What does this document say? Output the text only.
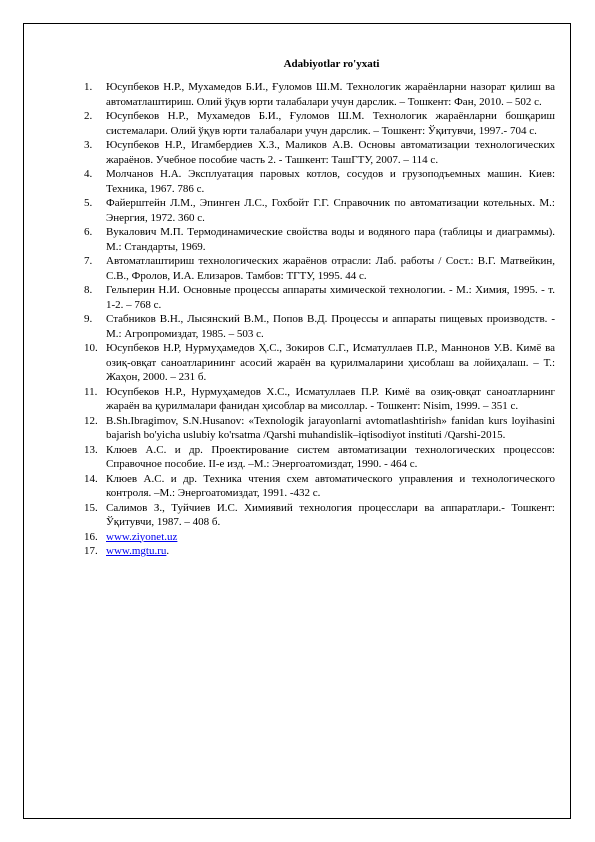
Adabiyotlar ro'yxati
1.	Юсупбеков Н.Р., Мухамедов Б.И., Ғуломов Ш.М. Технологик жараёнларни назорат қилиш ва автоматлаштириш. Олий ўқув юрти талабалари учун дарслик. – Тошкент: Фан, 2010. – 502 с.
2.	Юсупбеков Н.Р., Мухамедов Б.И., Ғуломов Ш.М. Технологик жараёнларни бошқариш системалари. Олий ўқув юрти талабалари учун дарслик. – Тошкент: Ўқитувчи, 1997.- 704 с.
3.	Юсупбеков Н.Р., Игамбердиев Х.З., Маликов А.В. Основы автоматизации технологических жараёнов. Учебное пособие часть 2. - Ташкент: ТашГТУ, 2007. – 114 с.
4.	Молчанов Н.А. Эксплуатация паровых котлов, сосудов и грузоподъемных машин. Киев: Техника, 1967. 786 с.
5.	Файерштейн Л.М., Эпинген Л.С., Гохбойт Г.Г. Справочник по автоматизации котельных. М.: Энергия, 1972. 360 с.
6.	Вукалович М.П. Термодинамические свойства воды и водяного пара (таблицы и диаграммы). М.: Стандарты, 1969.
7.	Автоматлаштириш технологических жараёнов отрасли: Лаб. работы / Сост.: В.Г. Матвейкин, С.В., Фролов, И.А. Елизаров. Тамбов: ТГТУ, 1995. 44 с.
8.	Гельперин Н.И. Основные процессы аппараты химической технологии. - М.: Химия, 1995. - т. 1-2. – 768 с.
9.	Стабников В.Н., Лысянский В.М., Попов В.Д. Процессы и аппараты пищевых производств. - М.: Агропромиздат, 1985. – 503 с.
10. Юсупбеков Н.Р, Нурмуҳамедов Ҳ.С., Зокиров С.Г., Исматуллаев П.Р., Маннонов У.В. Кимё ва озиқ-овқат саноатларининг асосий жараён ва қурилмаларини ҳисоблаш ва лойиҳалаш. – Т.: Жаҳон, 2000. – 231 б.
11. Юсупбеков Н.Р., Нурмуҳамедов Х.С., Исматуллаев П.Р. Кимё ва озиқ-овқат саноатларнинг жараён ва қурилмалари фанидан ҳисоблар ва мисоллар. - Тошкент: Nisim, 1999. – 351 с.
12. B.Sh.Ibragimov, S.N.Husanov: «Texnologik jarayonlarni avtomatlashtirish» fanidan kurs loyihasini bajarish bo'yicha uslubiy ko'rsatma /Qarshi muhandislik–iqtisodiyot instituti /Qarshi-2015.
13. Клюев А.С. и др. Проектирование систем автоматизации технологических процессов: Справочное пособие. II-е изд. –М.: Энергоатомиздат, 1990. - 464 с.
14. Клюев А.С. и др. Техника чтения схем автоматического управления и технологического контроля. –М.: Энергоатомиздат, 1991. -432 с.
15. Салимов З., Туйчиев И.С. Химиявий технология процесслари ва аппаратлари.- Тошкент: Ўқитувчи, 1987. – 408 б.
16. www.ziyonet.uz
17. www.mgtu.ru.
